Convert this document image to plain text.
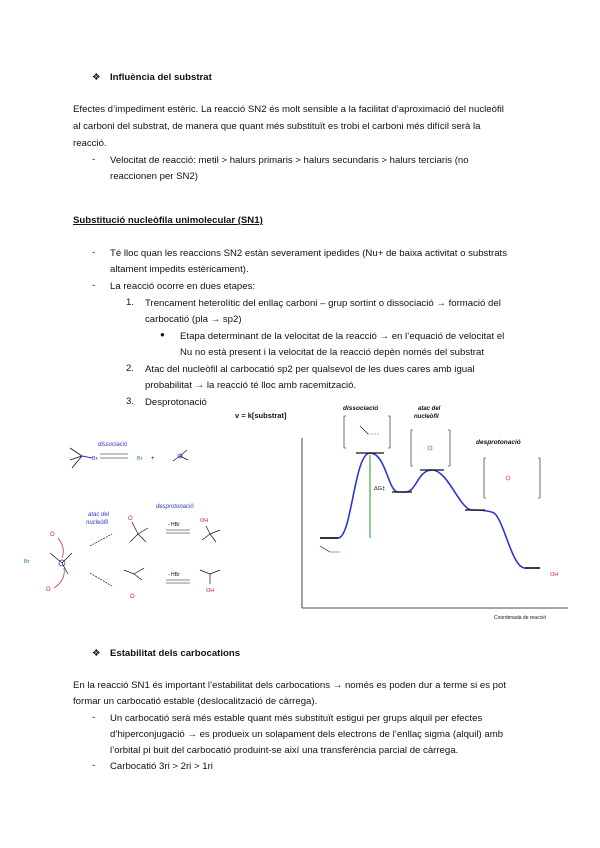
❖ Influència del substrat
Efectes d’impediment estèric. La reacció SN2 és molt sensible a la facilitat d’aproximació del nucleòfil
al carboni del substrat, de manera que quant més substituït es trobi el carboni més difícil serà la
reacció.
- Velocitat de reacció: metil > halurs primaris > halurs secundaris > halurs terciaris (no
reaccionen per SN2)
Substitució nucleòfila unimolecular (SN1)
- Té lloc quan les reaccions SN2 estàn severament ipedides (Nu+ de baixa activitat o substrats
altament impedits estèricament).
- La reacció ocorre en dues etapes:
1. Trencament heterolític del enllaç carboni – grup sortint o dissociació → formació del
carbocatió (pla → sp2)
● Etapa determinant de la velocitat de la reacció → en l’equació de velocitat el
Nu no està present i la velocitat de la reacció depèn només del substrat
2. Atac del nucleòfil al carbocatió sp2 per qualsevol de les dues cares amb igual
probabilitat → la reacció té lloc amb racemització.
3. Desprotonació
v = k[substrat]
Br
dissociació
Br +
atac del
nucleòfil
Br
O
O
desprotonació
O
- HBr
OH
O
- HBr
OH
ΔG‡
dissociació	atac del
nucleòfil
desprotonació
OH
Coordenada de reacció
❖ Estabilitat dels carbocations
En la reacció SN1 és important l’estabilitat dels carbocations → només es poden dur a terme si es pot
formar un carbocatió estable (deslocalització de càrrega).
- Un carbocatió serà més estable quant més substituït estigui per grups alquil per efectes
d’hiperconjugació → es produeix un solapament dels electrons de l’enllaç sigma (alquil) amb
l’orbital pi buit del carbocatió produint-se així una transferència parcial de càrrega.
- Carbocatió 3ri > 2ri > 1ri
